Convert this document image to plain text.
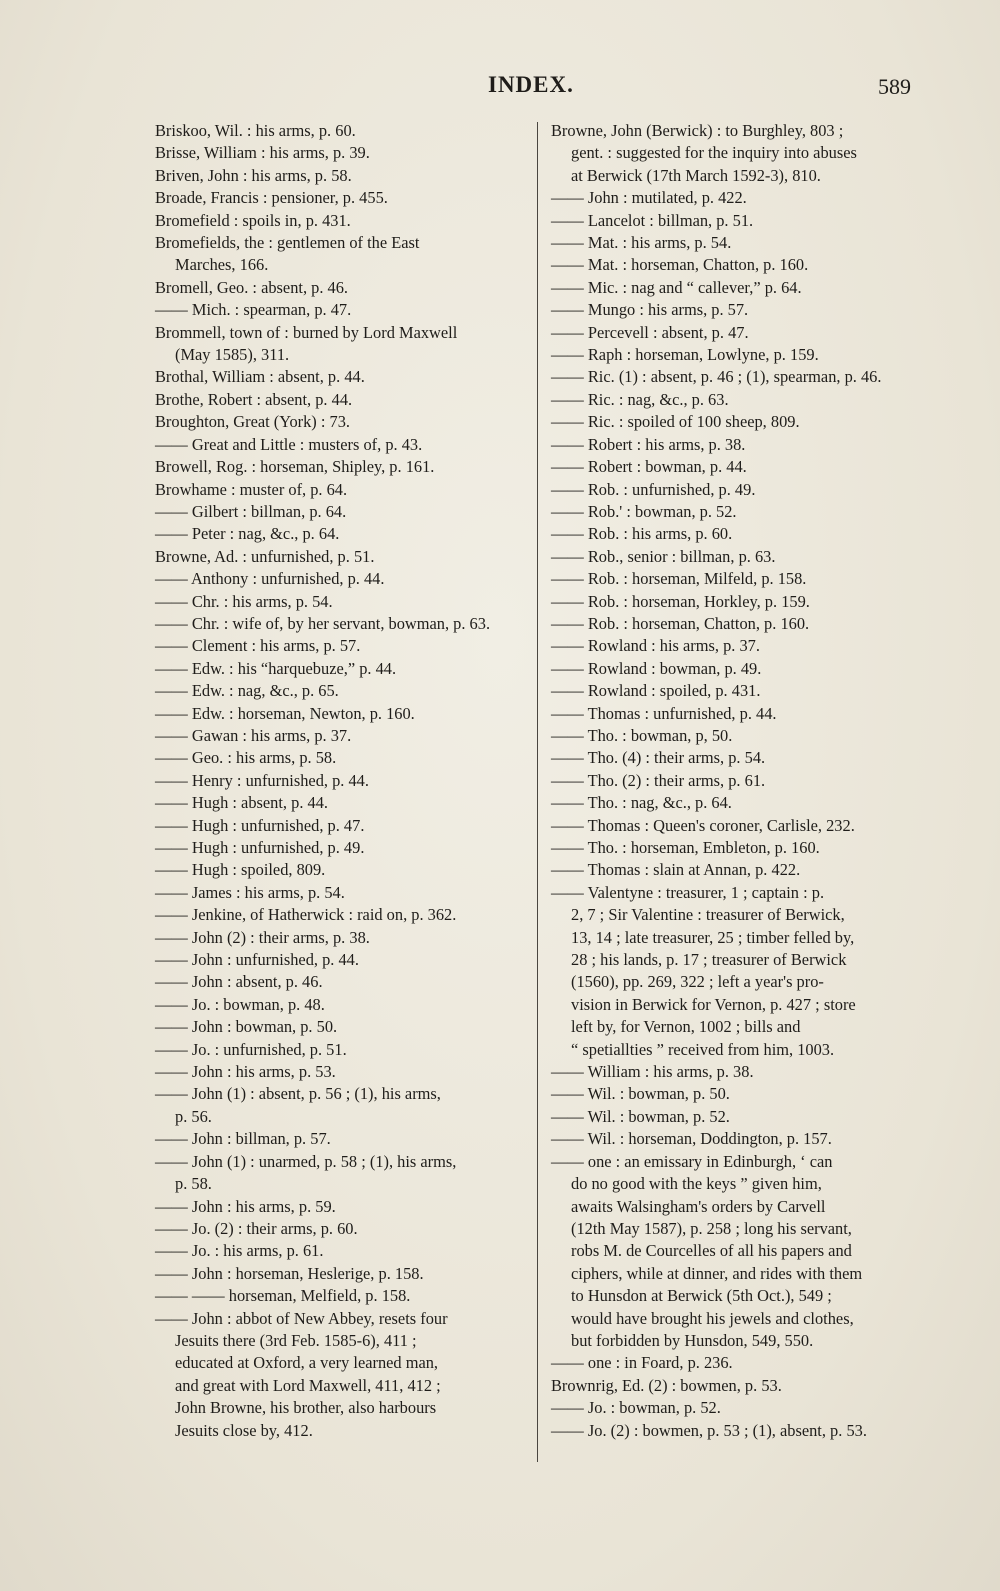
INDEX.	589
Briskoo, Wil. : his arms, p. 60.
Brisse, William : his arms, p. 39.
Briven, John : his arms, p. 58.
Broade, Francis : pensioner, p. 455.
Bromefield : spoils in, p. 431.
Bromefields, the : gentlemen of the East
Marches, 166.
Bromell, Geo. : absent, p. 46.
—— Mich. : spearman, p. 47.
Brommell, town of : burned by Lord Maxwell
(May 1585), 311.
Brothal, William : absent, p. 44.
Brothe, Robert : absent, p. 44.
Broughton, Great (York) : 73.
—— Great and Little : musters of, p. 43.
Browell, Rog. : horseman, Shipley, p. 161.
Browhame : muster of, p. 64.
—— Gilbert : billman, p. 64.
—— Peter : nag, &c., p. 64.
Browne, Ad. : unfurnished, p. 51.
—— Anthony : unfurnished, p. 44.
—— Chr. : his arms, p. 54.
—— Chr. : wife of, by her servant, bowman, p. 63.
—— Clement : his arms, p. 57.
—— Edw. : his “harquebuze,” p. 44.
—— Edw. : nag, &c., p. 65.
—— Edw. : horseman, Newton, p. 160.
—— Gawan : his arms, p. 37.
—— Geo. : his arms, p. 58.
—— Henry : unfurnished, p. 44.
—— Hugh : absent, p. 44.
—— Hugh : unfurnished, p. 47.
—— Hugh : unfurnished, p. 49.
—— Hugh : spoiled, 809.
—— James : his arms, p. 54.
—— Jenkine, of Hatherwick : raid on, p. 362.
—— John (2) : their arms, p. 38.
—— John : unfurnished, p. 44.
—— John : absent, p. 46.
—— Jo. : bowman, p. 48.
—— John : bowman, p. 50.
—— Jo. : unfurnished, p. 51.
—— John : his arms, p. 53.
—— John (1) : absent, p. 56 ; (1), his arms,
p. 56.
—— John : billman, p. 57.
—— John (1) : unarmed, p. 58 ; (1), his arms,
p. 58.
—— John : his arms, p. 59.
—— Jo. (2) : their arms, p. 60.
—— Jo. : his arms, p. 61.
—— John : horseman, Heslerige, p. 158.
—— —— horseman, Melfield, p. 158.
—— John : abbot of New Abbey, resets four
Jesuits there (3rd Feb. 1585-6), 411 ;
educated at Oxford, a very learned man,
and great with Lord Maxwell, 411, 412 ;
John Browne, his brother, also harbours
Jesuits close by, 412.
Browne, John (Berwick) : to Burghley, 803 ;
gent. : suggested for the inquiry into abuses
at Berwick (17th March 1592-3), 810.
—— John : mutilated, p. 422.
—— Lancelot : billman, p. 51.
—— Mat. : his arms, p. 54.
—— Mat. : horseman, Chatton, p. 160.
—— Mic. : nag and “ callever,” p. 64.
—— Mungo : his arms, p. 57.
—— Percevell : absent, p. 47.
—— Raph : horseman, Lowlyne, p. 159.
—— Ric. (1) : absent, p. 46 ; (1), spearman, p. 46.
—— Ric. : nag, &c., p. 63.
—— Ric. : spoiled of 100 sheep, 809.
—— Robert : his arms, p. 38.
—— Robert : bowman, p. 44.
—— Rob. : unfurnished, p. 49.
—— Rob.' : bowman, p. 52.
—— Rob. : his arms, p. 60.
—— Rob., senior : billman, p. 63.
—— Rob. : horseman, Milfeld, p. 158.
—— Rob. : horseman, Horkley, p. 159.
—— Rob. : horseman, Chatton, p. 160.
—— Rowland : his arms, p. 37.
—— Rowland : bowman, p. 49.
—— Rowland : spoiled, p. 431.
—— Thomas : unfurnished, p. 44.
—— Tho. : bowman, p, 50.
—— Tho. (4) : their arms, p. 54.
—— Tho. (2) : their arms, p. 61.
—— Tho. : nag, &c., p. 64.
—— Thomas : Queen's coroner, Carlisle, 232.
—— Tho. : horseman, Embleton, p. 160.
—— Thomas : slain at Annan, p. 422.
—— Valentyne : treasurer, 1 ; captain : p.
2, 7 ; Sir Valentine : treasurer of Berwick,
13, 14 ; late treasurer, 25 ; timber felled by,
28 ; his lands, p. 17 ; treasurer of Berwick
(1560), pp. 269, 322 ; left a year's pro-
vision in Berwick for Vernon, p. 427 ; store
left by, for Vernon, 1002 ; bills and
“ spetiallties ” received from him, 1003.
—— William : his arms, p. 38.
—— Wil. : bowman, p. 50.
—— Wil. : bowman, p. 52.
—— Wil. : horseman, Doddington, p. 157.
—— one : an emissary in Edinburgh, ‘ can
do no good with the keys ” given him,
awaits Walsingham's orders by Carvell
(12th May 1587), p. 258 ; long his servant,
robs M. de Courcelles of all his papers and
ciphers, while at dinner, and rides with them
to Hunsdon at Berwick (5th Oct.), 549 ;
would have brought his jewels and clothes,
but forbidden by Hunsdon, 549, 550.
—— one : in Foard, p. 236.
Brownrig, Ed. (2) : bowmen, p. 53.
—— Jo. : bowman, p. 52.
—— Jo. (2) : bowmen, p. 53 ; (1), absent, p. 53.
